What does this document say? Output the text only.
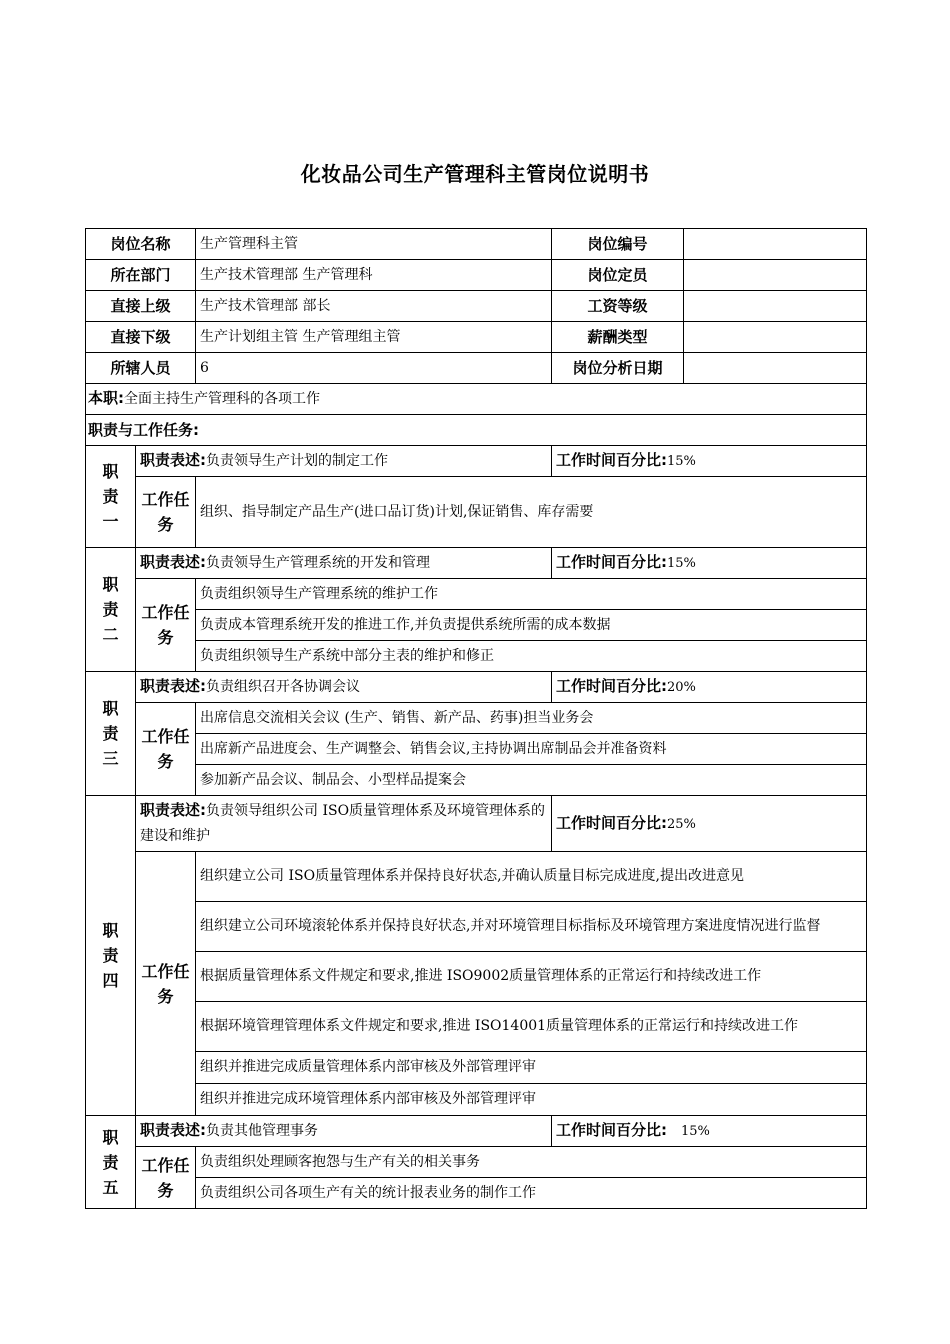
化妆品公司生产管理科主管岗位说明书
岗位名称		生产管理科主管	岗位编号	
所在部门		生产技术管理部 生产管理科	岗位定员	
直接上级		生产技术管理部 部长	工资等级	
直接下级		生产计划组主管 生产管理组主管	薪酬类型	
所辖人员		6	岗位分析日期	
本职:全面主持生产管理科的各项工作				
职责与工作任务:				

职
责
一	职责表述:负责领导生产计划的制定工作		工作时间百分比:15%	
	工作任务	组织、指导制定产品生产(进口品订货)计划,保证销售、库存需要		

职
责
二	职责表述:负责领导生产管理系统的开发和管理		工作时间百分比:15%	
	工作任务	负责组织领导生产管理系统的维护工作		
		负责成本管理系统开发的推进工作,并负责提供系统所需的成本数据		
		负责组织领导生产系统中部分主表的维护和修正		

职
责
三	职责表述:负责组织召开各协调会议		工作时间百分比:20%	
	工作任务	出席信息交流相关会议 (生产、销售、新产品、药事)担当业务会		
		出席新产品进度会、生产调整会、销售会议,主持协调出席制品会并准备资料		
		参加新产品会议、制品会、小型样品提案会		

职
责
四	职责表述:负责领导组织公司 ISO质量管理体系及环境管理体系的建设和维护		工作时间百分比:25%	
	工作任务	组织建立公司 ISO质量管理体系并保持良好状态,并确认质量目标完成进度,提出改进意见		
		组织建立公司环境滚轮体系并保持良好状态,并对环境管理目标指标及环境管理方案进度情况进行监督		
		根据质量管理体系文件规定和要求,推进 ISO9002质量管理体系的正常运行和持续改进工作		
		根据环境管理管理体系文件规定和要求,推进 ISO14001质量管理体系的正常运行和持续改进工作		
		组织并推进完成质量管理体系内部审核及外部管理评审		
		组织并推进完成环境管理体系内部审核及外部管理评审		

职
责
五	职责表述:负责其他管理事务		工作时间百分比: 15%	
	工作任务	负责组织处理顾客抱怨与生产有关的相关事务		
		负责组织公司各项生产有关的统计报表业务的制作工作		
